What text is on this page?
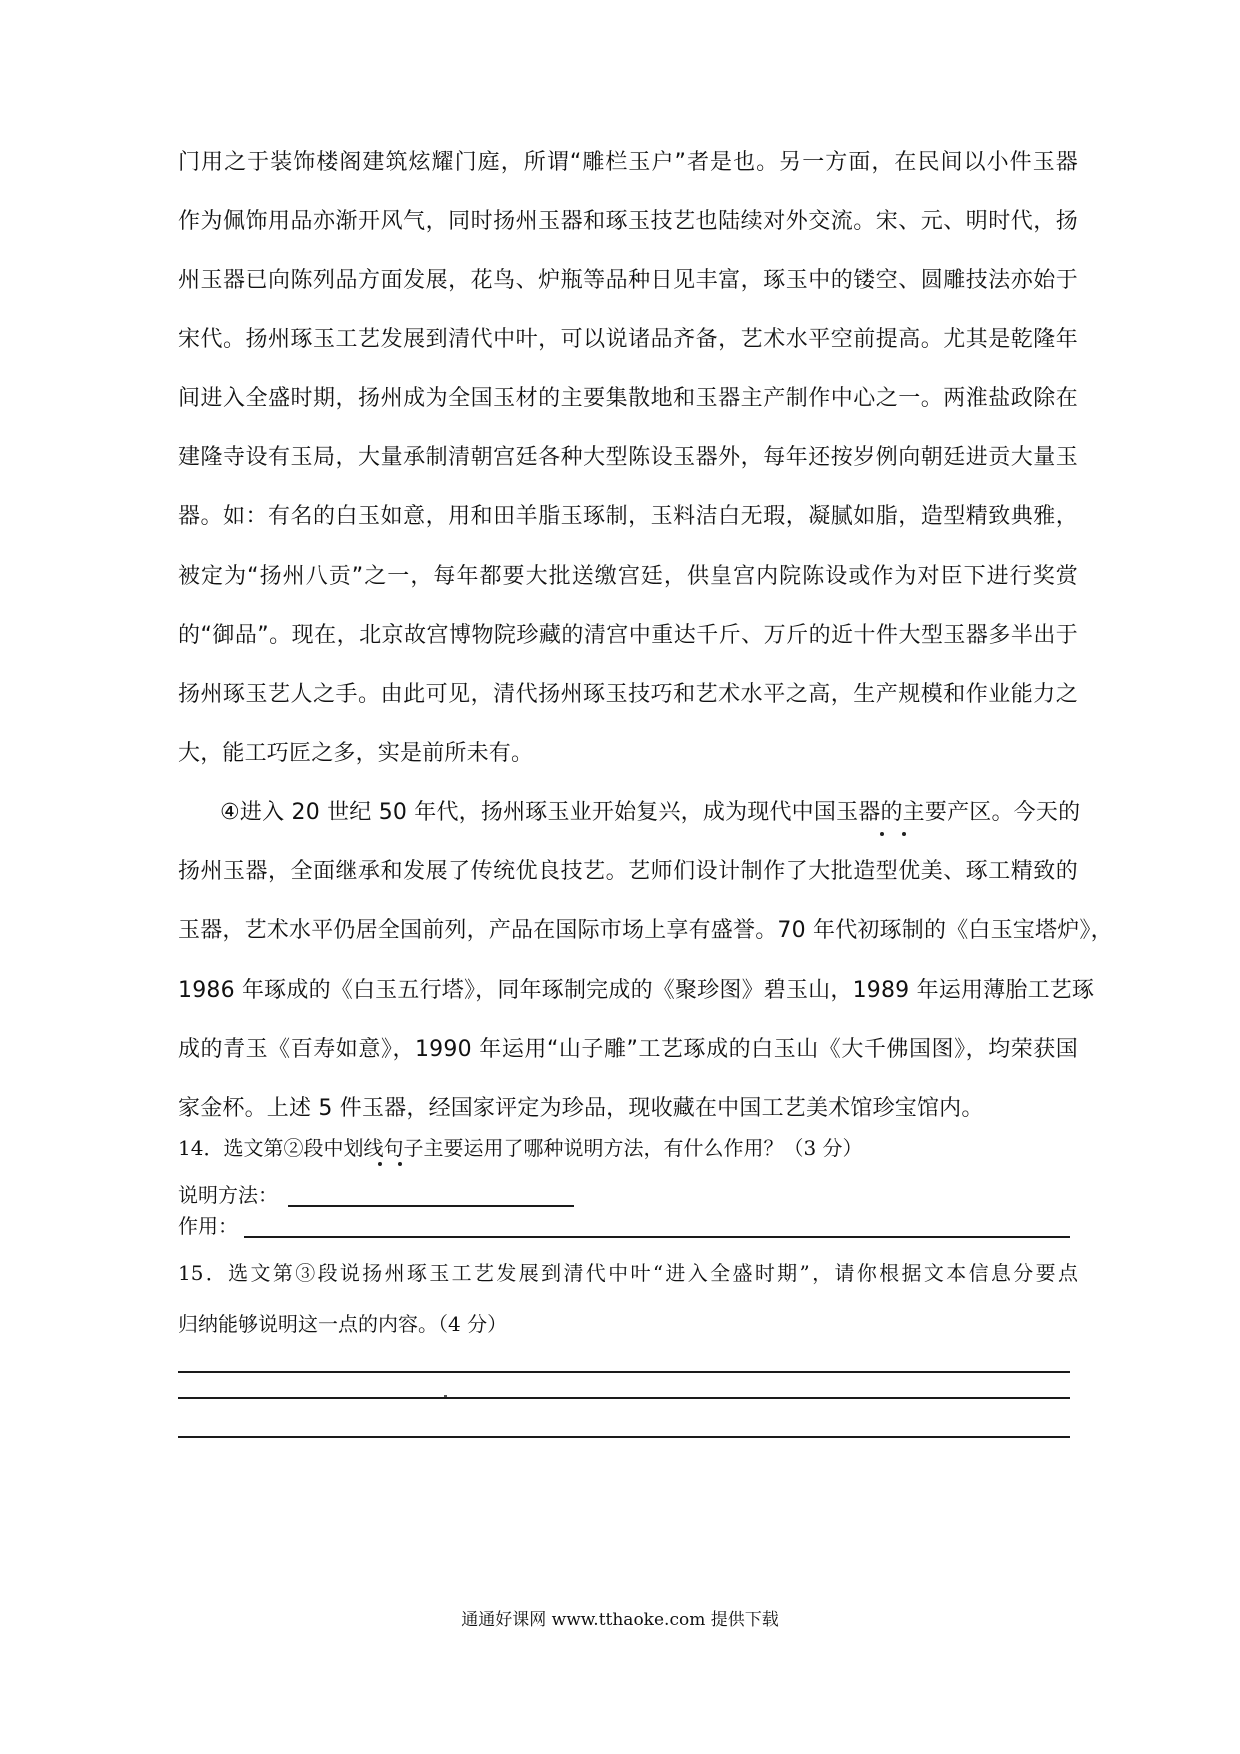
门用之于装饰楼阁建筑炫耀门庭，所谓“雕栏玉户”者是也。另一方面，在民间以小件玉器
作为佩饰用品亦渐开风气，同时扬州玉器和琢玉技艺也陆续对外交流。宋、元、明时代，扬
州玉器已向陈列品方面发展，花鸟、炉瓶等品种日见丰富，琢玉中的镂空、圆雕技法亦始于
宋代。扬州琢玉工艺发展到清代中叶，可以说诸品齐备，艺术水平空前提高。尤其是乾隆年
间进入全盛时期，扬州成为全国玉材的主要集散地和玉器主产制作中心之一。两淮盐政除在
建隆寺设有玉局，大量承制清朝宫廷各种大型陈设玉器外，每年还按岁例向朝廷进贡大量玉
器。如：有名的白玉如意，用和田羊脂玉琢制，玉料洁白无瑕，凝腻如脂，造型精致典雅，
被定为“扬州八贡”之一，每年都要大批送缴宫廷，供皇宫内院陈设或作为对臣下进行奖赏
的“御品”。现在，北京故宫博物院珍藏的清宫中重达千斤、万斤的近十件大型玉器多半出于
扬州琢玉艺人之手。由此可见，清代扬州琢玉技巧和艺术水平之高，生产规模和作业能力之
大，能工巧匠之多，实是前所未有。
④进入 20 世纪 50 年代，扬州琢玉业开始复兴，成为现代中国玉器的主要产区。今天的
扬州玉器，全面继承和发展了传统优良技艺。艺师们设计制作了大批造型优美、琢工精致的
玉器，艺术水平仍居全国前列，产品在国际市场上享有盛誉。70 年代初琢制的《白玉宝塔炉》，
1986 年琢成的《白玉五行塔》，同年琢制完成的《聚珍图》碧玉山，1989 年运用薄胎工艺琢
成的青玉《百寿如意》，1990 年运用“山子雕”工艺琢成的白玉山《大千佛国图》，均荣获国
家金杯。上述 5 件玉器，经国家评定为珍品，现收藏在中国工艺美术馆珍宝馆内。
14．选文第②段中划线句子主要运用了哪种说明方法，有什么作用？（3 分）
说明方法：
作用：
15．选文第③段说扬州琢玉工艺发展到清代中叶“进入全盛时期”，请你根据文本信息分要点
归纳能够说明这一点的内容。（4 分）
通通好课网 www.tthaoke.com 提供下载
